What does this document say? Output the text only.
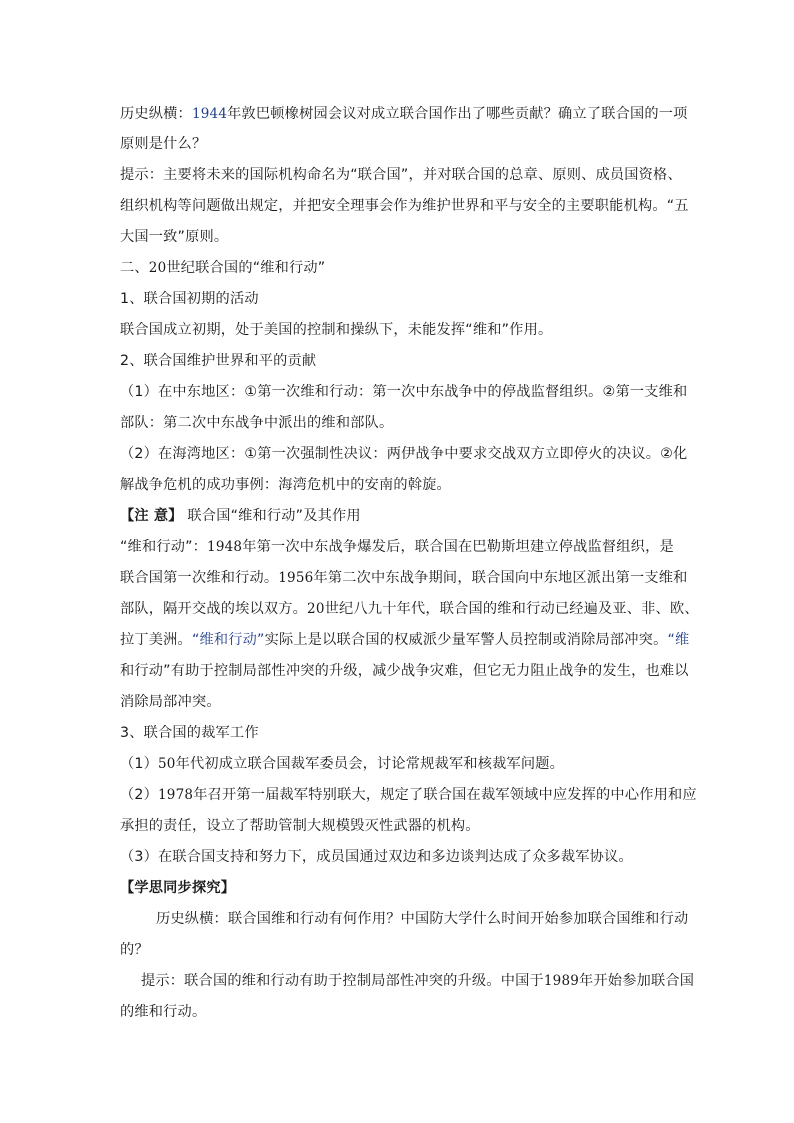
历史纵横：1944年敦巴顿橡树园会议对成立联合国作出了哪些贡献？确立了联合国的一项
原则是什么？
提示：主要将未来的国际机构命名为“联合国”，并对联合国的总章、原则、成员国资格、
组织机构等问题做出规定，并把安全理事会作为维护世界和平与安全的主要职能机构。“五
大国一致”原则。
二、20世纪联合国的“维和行动”
1、联合国初期的活动
联合国成立初期，处于美国的控制和操纵下，未能发挥“维和”作用。
2、联合国维护世界和平的贡献
（1）在中东地区：①第一次维和行动：第一次中东战争中的停战监督组织。②第一支维和
部队：第二次中东战争中派出的维和部队。
（2）在海湾地区：①第一次强制性决议：两伊战争中要求交战双方立即停火的决议。②化
解战争危机的成功事例：海湾危机中的安南的斡旋。
【注 意】 联合国“维和行动”及其作用
“维和行动”：1948年第一次中东战争爆发后，联合国在巴勒斯坦建立停战监督组织，是
联合国第一次维和行动。1956年第二次中东战争期间，联合国向中东地区派出第一支维和
部队，隔开交战的埃以双方。20世纪八九十年代，联合国的维和行动已经遍及亚、非、欧、
拉丁美洲。“维和行动”实际上是以联合国的权威派少量军警人员控制或消除局部冲突。“维
和行动”有助于控制局部性冲突的升级，减少战争灾难，但它无力阻止战争的发生，也难以
消除局部冲突。
3、联合国的裁军工作
（1）50年代初成立联合国裁军委员会，讨论常规裁军和核裁军问题。
（2）1978年召开第一届裁军特别联大，规定了联合国在裁军领域中应发挥的中心作用和应
承担的责任，设立了帮助管制大规模毁灭性武器的机构。
（3）在联合国支持和努力下，成员国通过双边和多边谈判达成了众多裁军协议。
【学思同步探究】
历史纵横：联合国维和行动有何作用？中国防大学什么时间开始参加联合国维和行动
的？
提示：联合国的维和行动有助于控制局部性冲突的升级。中国于1989年开始参加联合国
的维和行动。
